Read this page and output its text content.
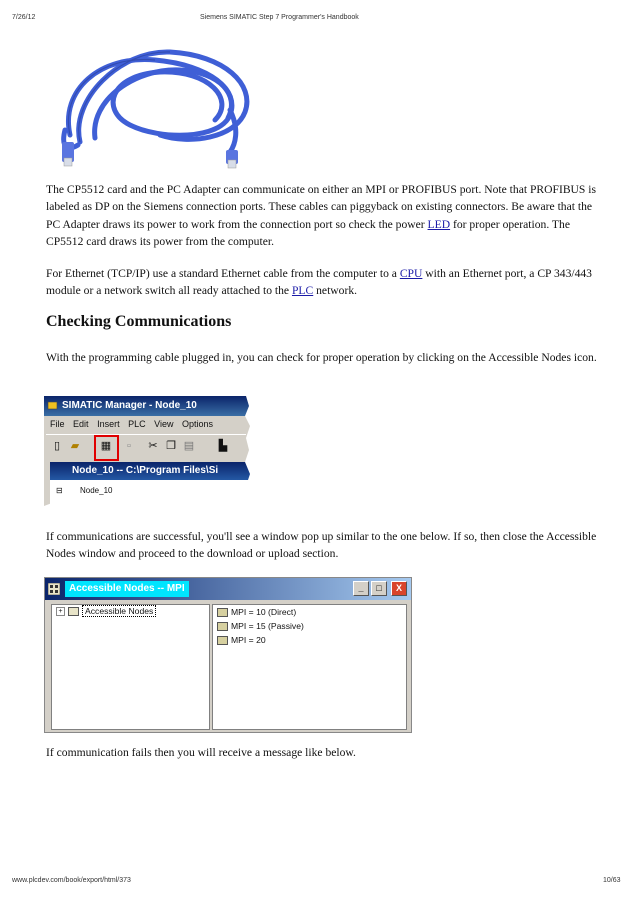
7/26/12	Siemens SIMATIC Step 7 Programmer's Handbook

The CP5512 card and the PC Adapter can communicate on either an MPI or PROFIBUS port. Note that PROFIBUS is labeled as DP on the Siemens connection ports. These cables can piggyback on existing connectors. Be aware that the PC Adapter draws its power to work from the connection port so check the power LED for proper operation. The CP5512 card draws its power from the computer.

For Ethernet (TCP/IP) use a standard Ethernet cable from the computer to a CPU with an Ethernet port, a CP 343/443 module or a network switch all ready attached to the PLC network.

Checking Communications

With the programming cable plugged in, you can check for proper operation by clicking on the Accessible Nodes icon.

SIMATIC Manager - Node_10
File Edit Insert PLC View Options
▯ ▰ ▦	▫	✂ ❐ ▤ ▙
Node_10 -- C:\Program Files\Si
⊟ Node_10

If communications are successful, you'll see a window pop up similar to the one below. If so, then close the Accessible Nodes window and proceed to the download or upload section.

Accessible Nodes -- MPI	_	□	X
+	Accessible Nodes	MPI = 10 (Direct)
MPI = 15 (Passive)
MPI = 20

If communication fails then you will receive a message like below.

www.plcdev.com/book/export/html/373	10/63
